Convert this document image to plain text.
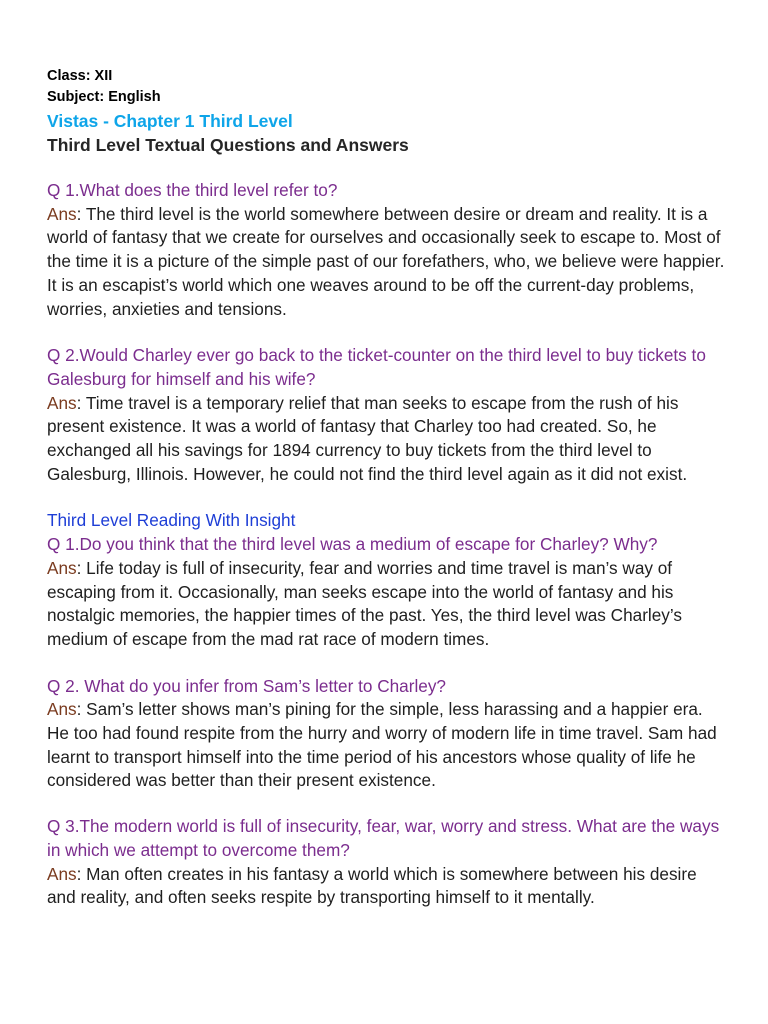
Class: XII
Subject: English
Vistas - Chapter 1 Third Level
Third Level Textual Questions and Answers
Q 1.What does the third level refer to?
Ans: The third level is the world somewhere between desire or dream and reality. It is a world of fantasy that we create for ourselves and occasionally seek to escape to. Most of the time it is a picture of the simple past of our forefathers, who, we believe were happier. It is an escapist’s world which one weaves around to be off the current-day problems, worries, anxieties and tensions.
Q 2.Would Charley ever go back to the ticket-counter on the third level to buy tickets to Galesburg for himself and his wife?
Ans: Time travel is a temporary relief that man seeks to escape from the rush of his present existence. It was a world of fantasy that Charley too had created. So, he exchanged all his savings for 1894 currency to buy tickets from the third level to Galesburg, Illinois. However, he could not find the third level again as it did not exist.
Third Level Reading With Insight
Q 1.Do you think that the third level was a medium of escape for Charley? Why?
Ans: Life today is full of insecurity, fear and worries and time travel is man’s way of escaping from it. Occasionally, man seeks escape into the world of fantasy and his nostalgic memories, the happier times of the past. Yes, the third level was Charley’s medium of escape from the mad rat race of modern times.
Q 2. What do you infer from Sam’s letter to Charley?
Ans: Sam’s letter shows man’s pining for the simple, less harassing and a happier era. He too had found respite from the hurry and worry of modern life in time travel. Sam had learnt to transport himself into the time period of his ancestors whose quality of life he considered was better than their present existence.
Q 3.The modern world is full of insecurity, fear, war, worry and stress. What are the ways in which we attempt to overcome them?
Ans: Man often creates in his fantasy a world which is somewhere between his desire and reality, and often seeks respite by transporting himself to it mentally.
